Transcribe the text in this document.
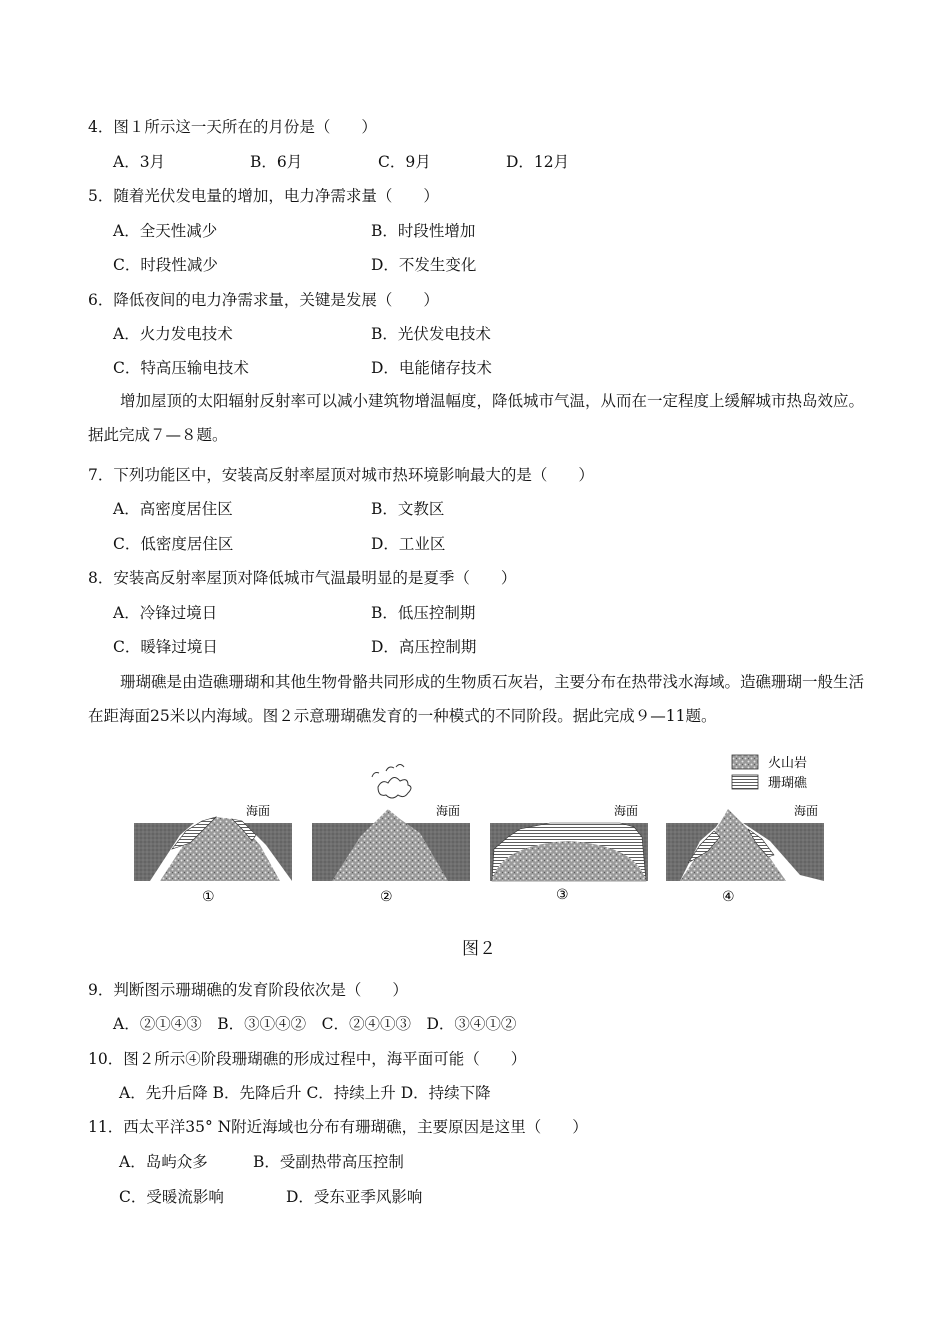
4．图１所示这一天所在的月份是（　　）
A．3月	B．6月	C．9月	D．12月
5．随着光伏发电量的增加，电力净需求量（　　）
A．全天性减少	B．时段性增加
C．时段性减少	D．不发生变化
6．降低夜间的电力净需求量，关键是发展（　　）
A．火力发电技术	B．光伏发电技术
C．特高压输电技术	D．电能储存技术
增加屋顶的太阳辐射反射率可以减小建筑物增温幅度，降低城市气温，从而在一定程度上缓解城市热岛效应。据此完成７—８题。
7．下列功能区中，安装高反射率屋顶对城市热环境影响最大的是（　　）
A．高密度居住区	B．文教区
C．低密度居住区	D．工业区
8．安装高反射率屋顶对降低城市气温最明显的是夏季（　　）
A．冷锋过境日	B．低压控制期
C．暖锋过境日	D．高压控制期
珊瑚礁是由造礁珊瑚和其他生物骨骼共同形成的生物质石灰岩，主要分布在热带浅水海域。造礁珊瑚一般生活在距海面25米以内海域。图２示意珊瑚礁发育的一种模式的不同阶段。据此完成９—11题。
火山岩
珊瑚礁
海面
①
海面
②
海面
③
海面
④
图２
9．判断图示珊瑚礁的发育阶段依次是（　　）
A．②①④③　B．③①④②　C．②④①③　D．③④①②
10．图２所示④阶段珊瑚礁的形成过程中，海平面可能（　　）
A．先升后降 B．先降后升 C．持续上升 D．持续下降
11．西太平洋35° N附近海域也分布有珊瑚礁，主要原因是这里（　　）
A．岛屿众多	B．受副热带高压控制
C．受暖流影响	D．受东亚季风影响
